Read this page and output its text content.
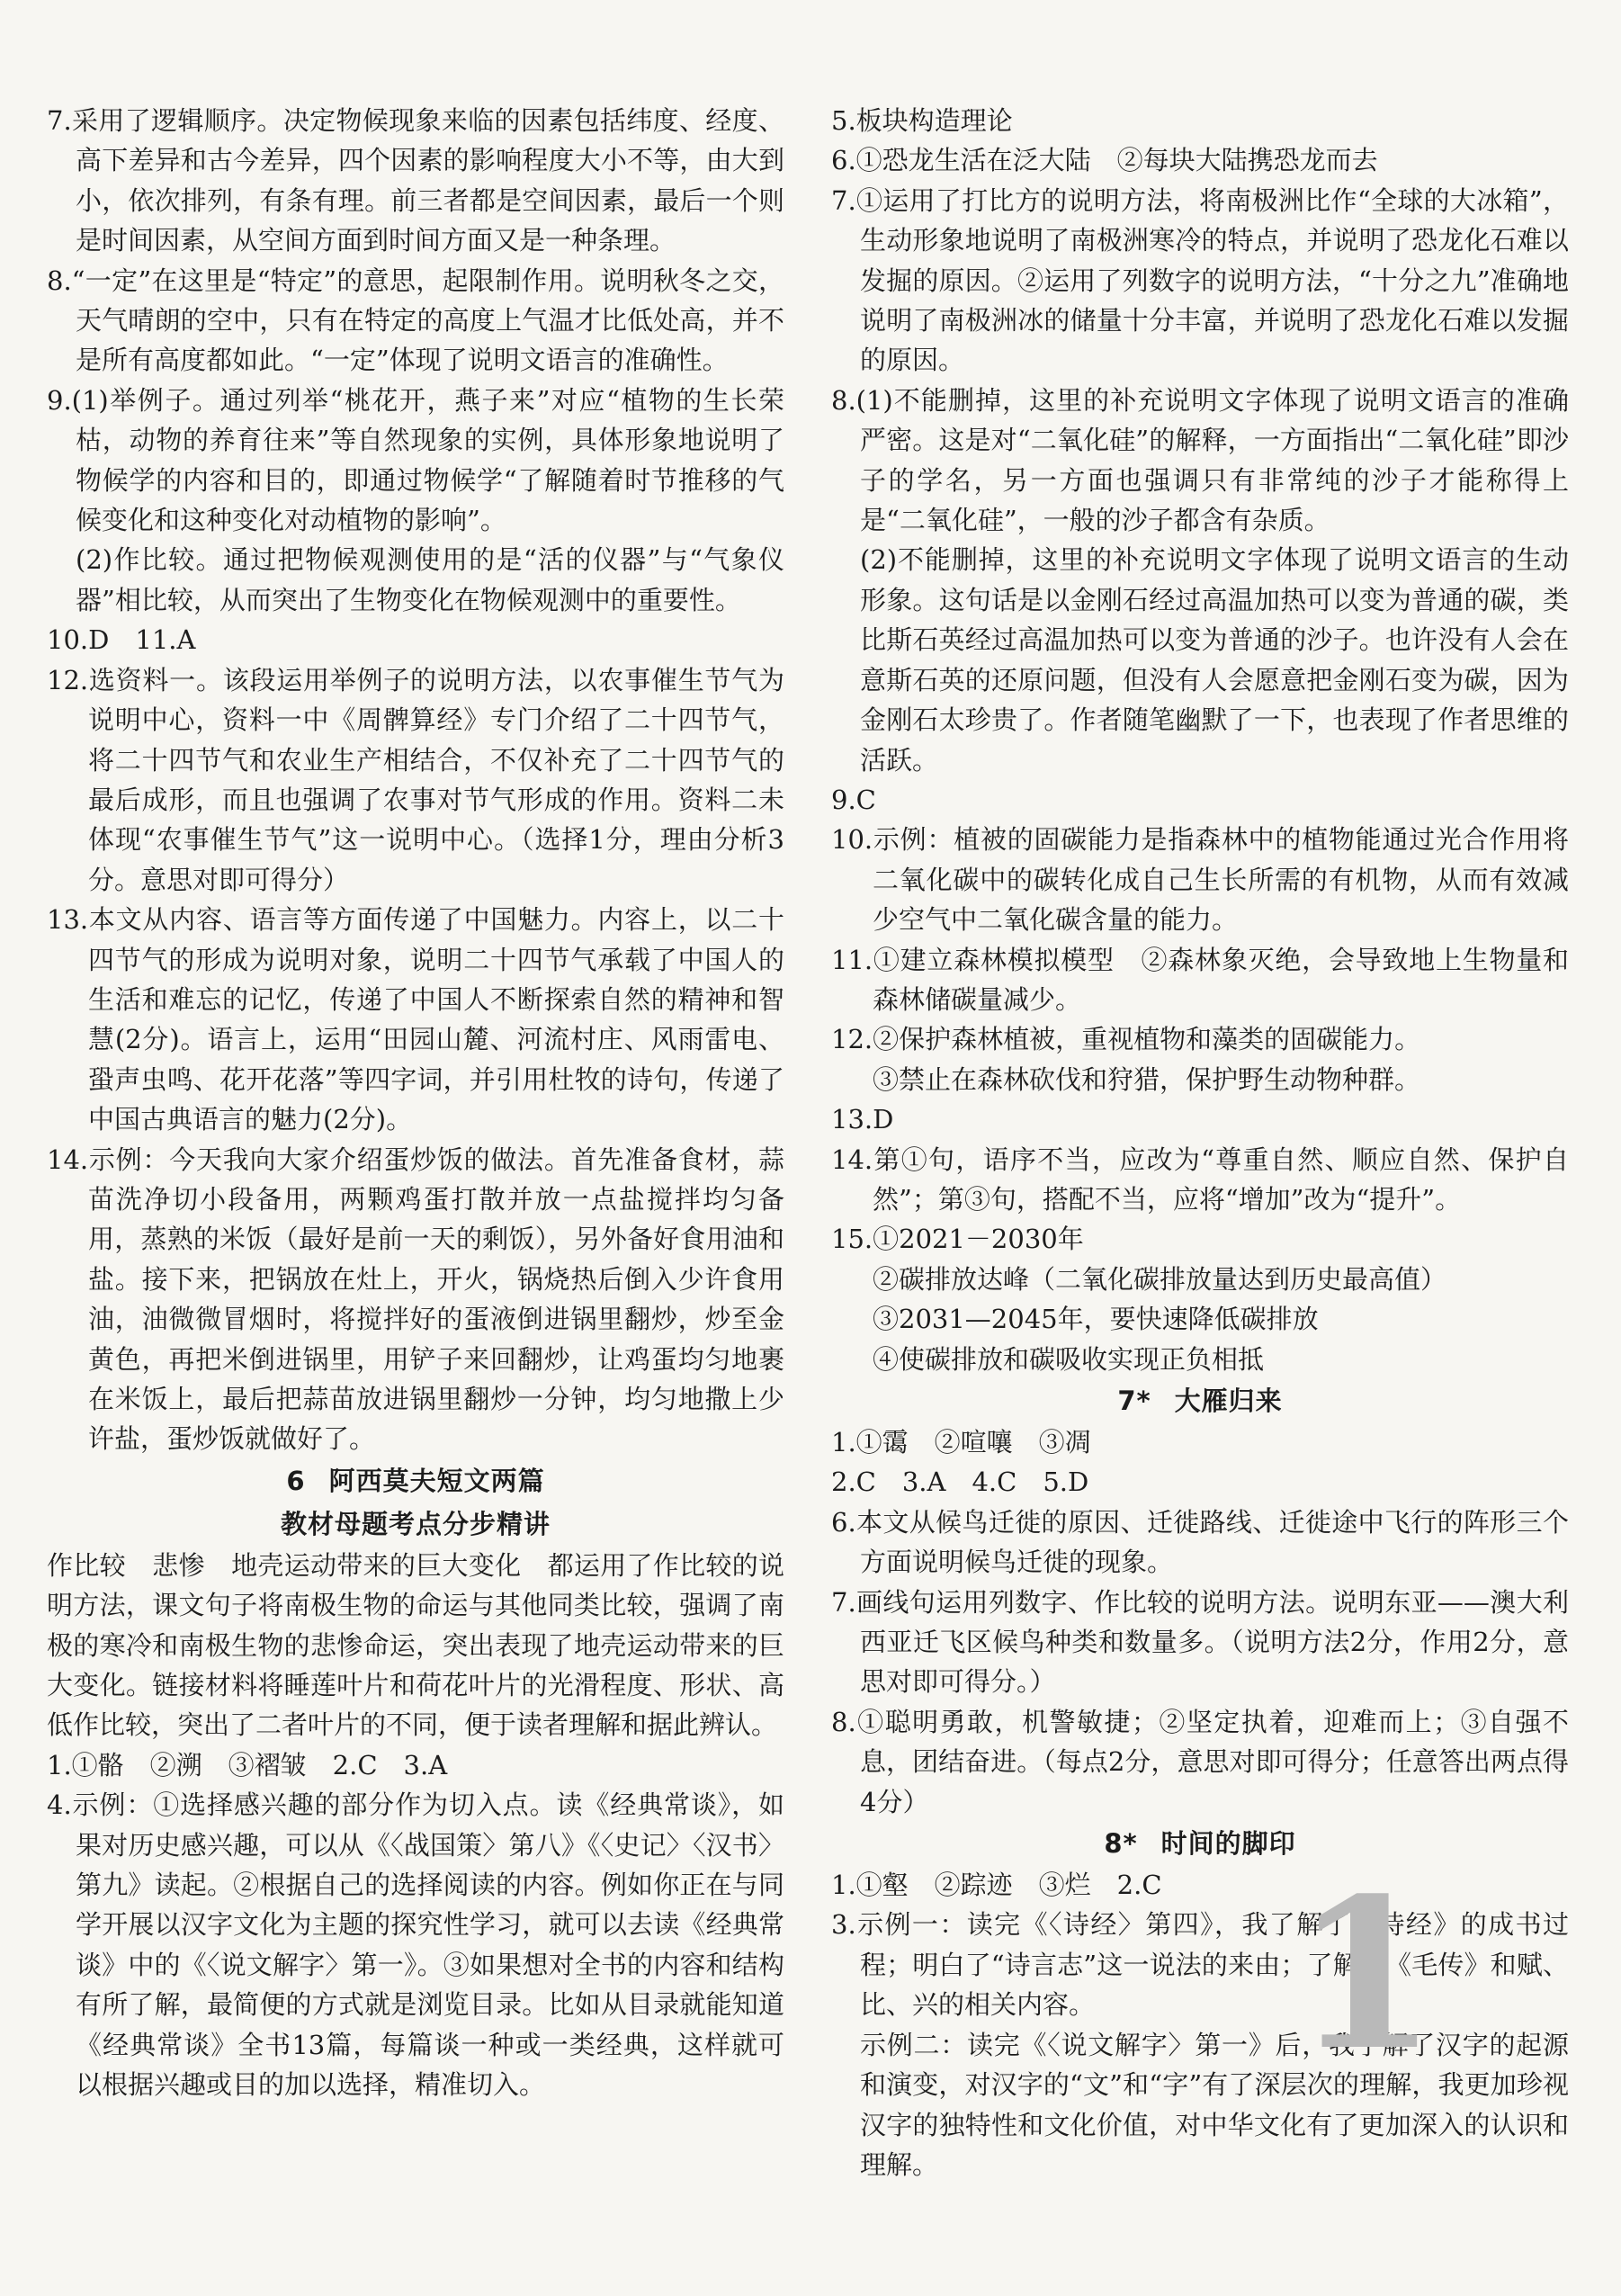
7.采用了逻辑顺序。决定物候现象来临的因素包括纬度、经度、高下差异和古今差异，四个因素的影响程度大小不等，由大到小，依次排列，有条有理。前三者都是空间因素，最后一个则是时间因素，从空间方面到时间方面又是一种条理。

8.“一定”在这里是“特定”的意思，起限制作用。说明秋冬之交，天气晴朗的空中，只有在特定的高度上气温才比低处高，并不是所有高度都如此。“一定”体现了说明文语言的准确性。

9.(1)举例子。通过列举“桃花开，燕子来”对应“植物的生长荣枯，动物的养育往来”等自然现象的实例，具体形象地说明了物候学的内容和目的，即通过物候学“了解随着时节推移的气候变化和这种变化对动植物的影响”。

(2)作比较。通过把物候观测使用的是“活的仪器”与“气象仪器”相比较，从而突出了生物变化在物候观测中的重要性。

10.D　11.A

12.选资料一。该段运用举例子的说明方法，以农事催生节气为说明中心，资料一中《周髀算经》专门介绍了二十四节气，将二十四节气和农业生产相结合，不仅补充了二十四节气的最后成形，而且也强调了农事对节气形成的作用。资料二未体现“农事催生节气”这一说明中心。（选择1分，理由分析3分。意思对即可得分）

13.本文从内容、语言等方面传递了中国魅力。内容上，以二十四节气的形成为说明对象，说明二十四节气承载了中国人的生活和难忘的记忆，传递了中国人不断探索自然的精神和智慧(2分)。语言上，运用“田园山麓、河流村庄、风雨雷电、蛩声虫鸣、花开花落”等四字词，并引用杜牧的诗句，传递了中国古典语言的魅力(2分)。

14.示例：今天我向大家介绍蛋炒饭的做法。首先准备食材，蒜苗洗净切小段备用，两颗鸡蛋打散并放一点盐搅拌均匀备用，蒸熟的米饭（最好是前一天的剩饭），另外备好食用油和盐。接下来，把锅放在灶上，开火，锅烧热后倒入少许食用油，油微微冒烟时，将搅拌好的蛋液倒进锅里翻炒，炒至金黄色，再把米倒进锅里，用铲子来回翻炒，让鸡蛋均匀地裹在米饭上，最后把蒜苗放进锅里翻炒一分钟，均匀地撒上少许盐，蛋炒饭就做好了。

6 阿西莫夫短文两篇
教材母题考点分步精讲

作比较　悲惨　地壳运动带来的巨大变化　都运用了作比较的说明方法，课文句子将南极生物的命运与其他同类比较，强调了南极的寒冷和南极生物的悲惨命运，突出表现了地壳运动带来的巨大变化。链接材料将睡莲叶片和荷花叶片的光滑程度、形状、高低作比较，突出了二者叶片的不同，便于读者理解和据此辨认。

1.①骼　②溯　③褶皱　2.C　3.A

4.示例：①选择感兴趣的部分作为切入点。读《经典常谈》，如果对历史感兴趣，可以从《〈战国策〉第八》《〈史记〉〈汉书〉第九》读起。②根据自己的选择阅读的内容。例如你正在与同学开展以汉字文化为主题的探究性学习，就可以去读《经典常谈》中的《〈说文解字〉第一》。③如果想对全书的内容和结构有所了解，最简便的方式就是浏览目录。比如从目录就能知道《经典常谈》全书13篇，每篇谈一种或一类经典，这样就可以根据兴趣或目的加以选择，精准切入。

5.板块构造理论

6.①恐龙生活在泛大陆　②每块大陆携恐龙而去

7.①运用了打比方的说明方法，将南极洲比作“全球的大冰箱”，生动形象地说明了南极洲寒冷的特点，并说明了恐龙化石难以发掘的原因。②运用了列数字的说明方法，“十分之九”准确地说明了南极洲冰的储量十分丰富，并说明了恐龙化石难以发掘的原因。

8.(1)不能删掉，这里的补充说明文字体现了说明文语言的准确严密。这是对“二氧化硅”的解释，一方面指出“二氧化硅”即沙子的学名，另一方面也强调只有非常纯的沙子才能称得上是“二氧化硅”，一般的沙子都含有杂质。

(2)不能删掉，这里的补充说明文字体现了说明文语言的生动形象。这句话是以金刚石经过高温加热可以变为普通的碳，类比斯石英经过高温加热可以变为普通的沙子。也许没有人会在意斯石英的还原问题，但没有人会愿意把金刚石变为碳，因为金刚石太珍贵了。作者随笔幽默了一下，也表现了作者思维的活跃。

9.C

10.示例：植被的固碳能力是指森林中的植物能通过光合作用将二氧化碳中的碳转化成自己生长所需的有机物，从而有效减少空气中二氧化碳含量的能力。

11.①建立森林模拟模型　②森林象灭绝，会导致地上生物量和森林储碳量减少。

12.②保护森林植被，重视植物和藻类的固碳能力。

③禁止在森林砍伐和狩猎，保护野生动物种群。

13.D

14.第①句，语序不当，应改为“尊重自然、顺应自然、保护自然”；第③句，搭配不当，应将“增加”改为“提升”。

15.①2021－2030年

②碳排放达峰（二氧化碳排放量达到历史最高值）

③2031—2045年，要快速降低碳排放

④使碳排放和碳吸收实现正负相抵

7* 大雁归来

1.①霭　②喧嚷　③凋

2.C　3.A　4.C　5.D

6.本文从候鸟迁徙的原因、迁徙路线、迁徙途中飞行的阵形三个方面说明候鸟迁徙的现象。

7.画线句运用列数字、作比较的说明方法。说明东亚——澳大利西亚迁飞区候鸟种类和数量多。（说明方法2分，作用2分，意思对即可得分。）

8.①聪明勇敢，机警敏捷；②坚定执着，迎难而上；③自强不息，团结奋进。（每点2分，意思对即可得分；任意答出两点得4分）

8* 时间的脚印

1.①壑　②踪迹　③烂　2.C

3.示例一：读完《〈诗经〉第四》，我了解了《诗经》的成书过程；明白了“诗言志”这一说法的来由；了解了《毛传》和赋、比、兴的相关内容。

示例二：读完《〈说文解字〉第一》后，我了解了汉字的起源和演变，对汉字的“文”和“字”有了深层次的理解，我更加珍视汉字的独特性和文化价值，对中华文化有了更加深入的认识和理解。

1
